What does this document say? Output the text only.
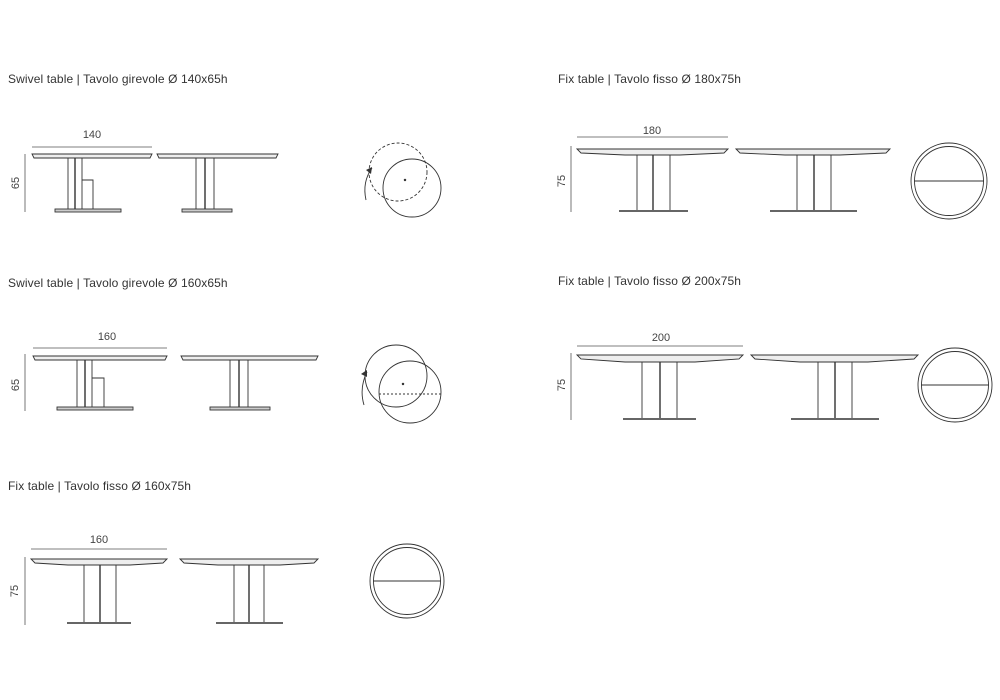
Swivel table | Tavolo girevole Ø 140x65h
140
65
Fix table | Tavolo fisso Ø 180x75h
180
75
Swivel table | Tavolo girevole Ø 160x65h
160
65
Fix table | Tavolo fisso Ø 200x75h
200
75
Fix table | Tavolo fisso Ø 160x75h
160
75
